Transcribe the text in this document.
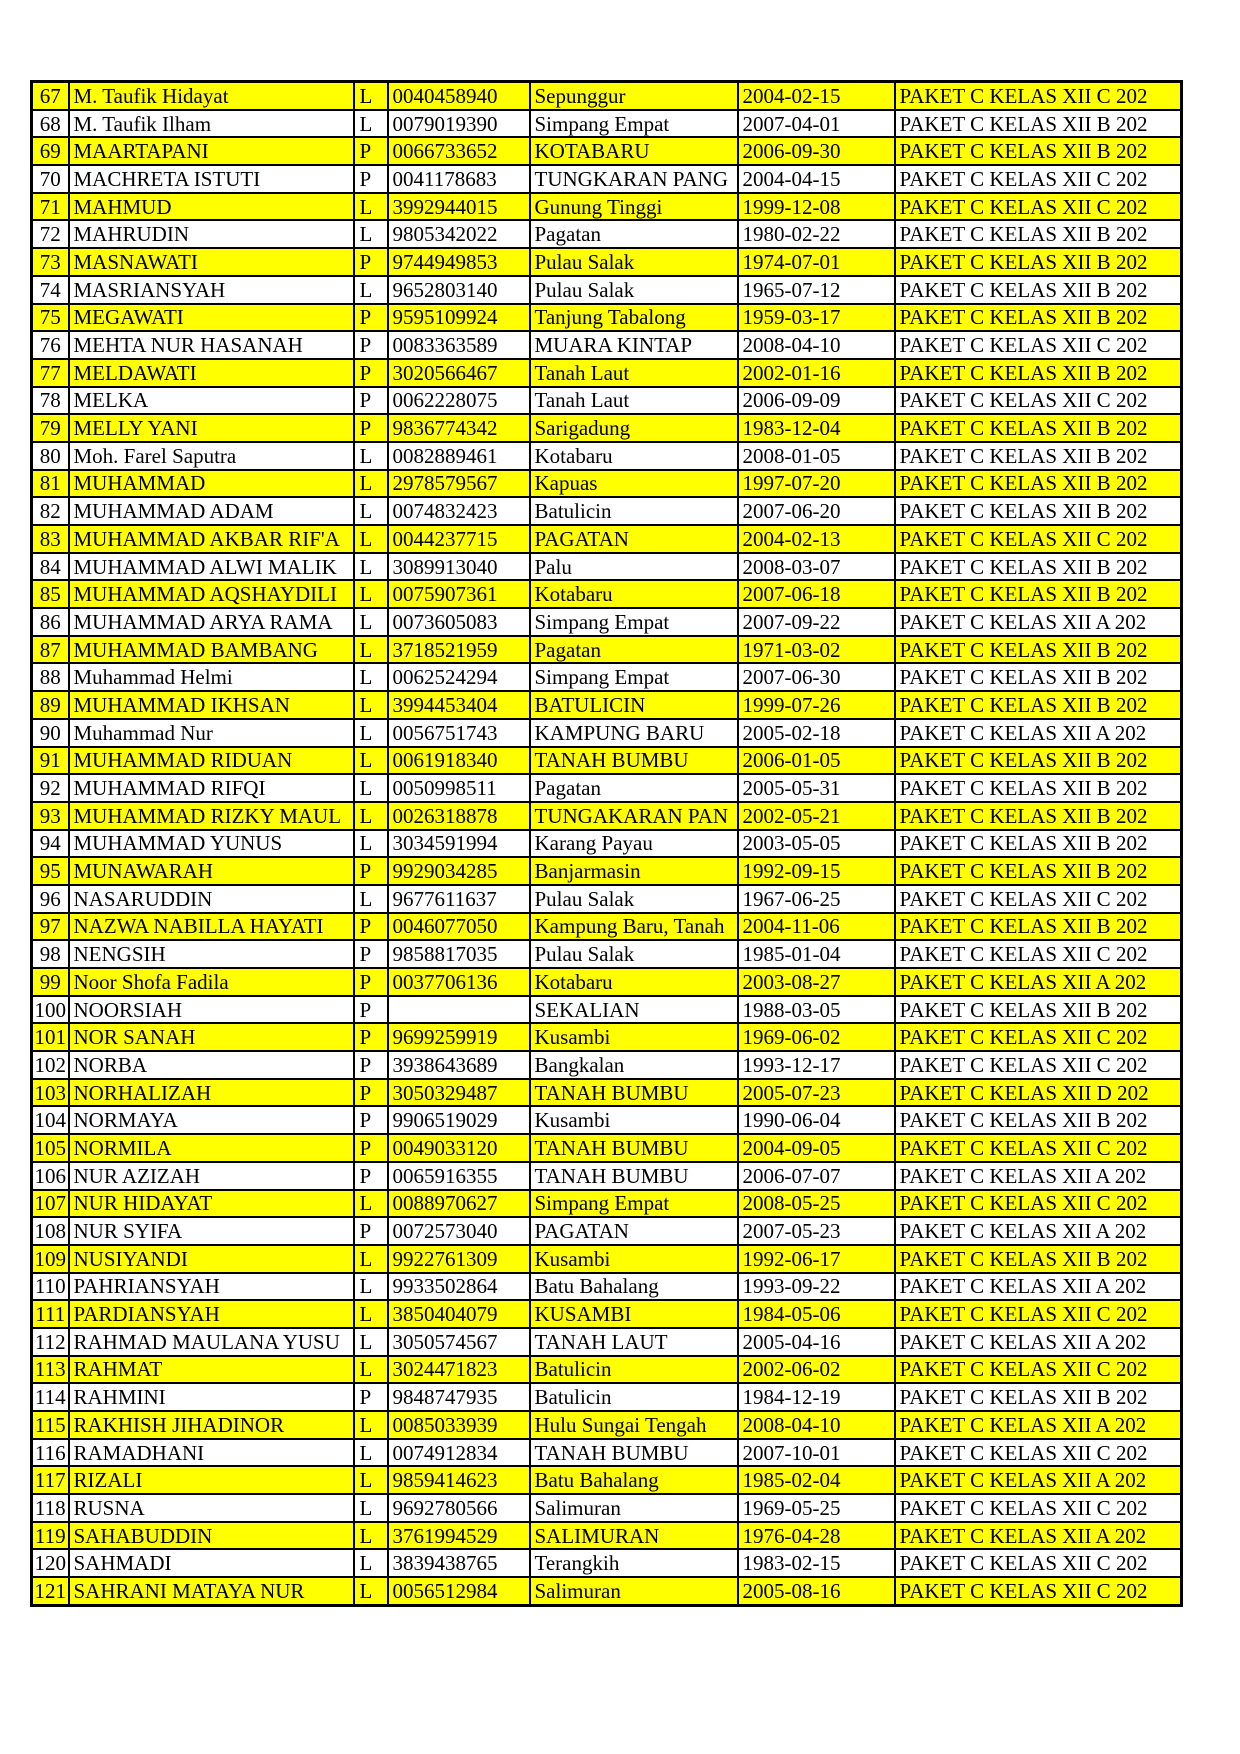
67	M. Taufik Hidayat	L	0040458940	Sepunggur	2004-02-15	PAKET C KELAS XII C 202
68	M. Taufik Ilham	L	0079019390	Simpang Empat	2007-04-01	PAKET C KELAS XII B 202
69	MAARTAPANI	P	0066733652	KOTABARU	2006-09-30	PAKET C KELAS XII B 202
70	MACHRETA ISTUTI	P	0041178683	TUNGKARAN PANG	2004-04-15	PAKET C KELAS XII C 202
71	MAHMUD	L	3992944015	Gunung Tinggi	1999-12-08	PAKET C KELAS XII C 202
72	MAHRUDIN	L	9805342022	Pagatan	1980-02-22	PAKET C KELAS XII B 202
73	MASNAWATI	P	9744949853	Pulau Salak	1974-07-01	PAKET C KELAS XII B 202
74	MASRIANSYAH	L	9652803140	Pulau Salak	1965-07-12	PAKET C KELAS XII B 202
75	MEGAWATI	P	9595109924	Tanjung Tabalong	1959-03-17	PAKET C KELAS XII B 202
76	MEHTA NUR HASANAH	P	0083363589	MUARA KINTAP	2008-04-10	PAKET C KELAS XII C 202
77	MELDAWATI	P	3020566467	Tanah Laut	2002-01-16	PAKET C KELAS XII B 202
78	MELKA	P	0062228075	Tanah Laut	2006-09-09	PAKET C KELAS XII C 202
79	MELLY YANI	P	9836774342	Sarigadung	1983-12-04	PAKET C KELAS XII B 202
80	Moh. Farel Saputra	L	0082889461	Kotabaru	2008-01-05	PAKET C KELAS XII B 202
81	MUHAMMAD	L	2978579567	Kapuas	1997-07-20	PAKET C KELAS XII B 202
82	MUHAMMAD ADAM	L	0074832423	Batulicin	2007-06-20	PAKET C KELAS XII B 202
83	MUHAMMAD AKBAR RIF'A	L	0044237715	PAGATAN	2004-02-13	PAKET C KELAS XII C 202
84	MUHAMMAD ALWI MALIK	L	3089913040	Palu	2008-03-07	PAKET C KELAS XII B 202
85	MUHAMMAD AQSHAYDILI	L	0075907361	Kotabaru	2007-06-18	PAKET C KELAS XII B 202
86	MUHAMMAD ARYA RAMA	L	0073605083	Simpang Empat	2007-09-22	PAKET C KELAS XII A 202
87	MUHAMMAD BAMBANG	L	3718521959	Pagatan	1971-03-02	PAKET C KELAS XII B 202
88	Muhammad Helmi	L	0062524294	Simpang Empat	2007-06-30	PAKET C KELAS XII B 202
89	MUHAMMAD IKHSAN	L	3994453404	BATULICIN	1999-07-26	PAKET C KELAS XII B 202
90	Muhammad Nur	L	0056751743	KAMPUNG BARU	2005-02-18	PAKET C KELAS XII A 202
91	MUHAMMAD RIDUAN	L	0061918340	TANAH BUMBU	2006-01-05	PAKET C KELAS XII B 202
92	MUHAMMAD RIFQI	L	0050998511	Pagatan	2005-05-31	PAKET C KELAS XII B 202
93	MUHAMMAD RIZKY MAUL	L	0026318878	TUNGAKARAN PAN	2002-05-21	PAKET C KELAS XII B 202
94	MUHAMMAD YUNUS	L	3034591994	Karang Payau	2003-05-05	PAKET C KELAS XII B 202
95	MUNAWARAH	P	9929034285	Banjarmasin	1992-09-15	PAKET C KELAS XII B 202
96	NASARUDDIN	L	9677611637	Pulau Salak	1967-06-25	PAKET C KELAS XII C 202
97	NAZWA NABILLA HAYATI	P	0046077050	Kampung Baru, Tanah	2004-11-06	PAKET C KELAS XII B 202
98	NENGSIH	P	9858817035	Pulau Salak	1985-01-04	PAKET C KELAS XII C 202
99	Noor Shofa Fadila	P	0037706136	Kotabaru	2003-08-27	PAKET C KELAS XII A 202
100	NOORSIAH	P		SEKALIAN	1988-03-05	PAKET C KELAS XII B 202
101	NOR SANAH	P	9699259919	Kusambi	1969-06-02	PAKET C KELAS XII C 202
102	NORBA	P	3938643689	Bangkalan	1993-12-17	PAKET C KELAS XII C 202
103	NORHALIZAH	P	3050329487	TANAH BUMBU	2005-07-23	PAKET C KELAS XII D 202
104	NORMAYA	P	9906519029	Kusambi	1990-06-04	PAKET C KELAS XII B 202
105	NORMILA	P	0049033120	TANAH BUMBU	2004-09-05	PAKET C KELAS XII C 202
106	NUR AZIZAH	P	0065916355	TANAH BUMBU	2006-07-07	PAKET C KELAS XII A 202
107	NUR HIDAYAT	L	0088970627	Simpang Empat	2008-05-25	PAKET C KELAS XII C 202
108	NUR SYIFA	P	0072573040	PAGATAN	2007-05-23	PAKET C KELAS XII A 202
109	NUSIYANDI	L	9922761309	Kusambi	1992-06-17	PAKET C KELAS XII B 202
110	PAHRIANSYAH	L	9933502864	Batu Bahalang	1993-09-22	PAKET C KELAS XII A 202
111	PARDIANSYAH	L	3850404079	KUSAMBI	1984-05-06	PAKET C KELAS XII C 202
112	RAHMAD MAULANA YUSU	L	3050574567	TANAH LAUT	2005-04-16	PAKET C KELAS XII A 202
113	RAHMAT	L	3024471823	Batulicin	2002-06-02	PAKET C KELAS XII C 202
114	RAHMINI	P	9848747935	Batulicin	1984-12-19	PAKET C KELAS XII B 202
115	RAKHISH JIHADINOR	L	0085033939	Hulu Sungai Tengah	2008-04-10	PAKET C KELAS XII A 202
116	RAMADHANI	L	0074912834	TANAH BUMBU	2007-10-01	PAKET C KELAS XII C 202
117	RIZALI	L	9859414623	Batu Bahalang	1985-02-04	PAKET C KELAS XII A 202
118	RUSNA	L	9692780566	Salimuran	1969-05-25	PAKET C KELAS XII C 202
119	SAHABUDDIN	L	3761994529	SALIMURAN	1976-04-28	PAKET C KELAS XII A 202
120	SAHMADI	L	3839438765	Terangkih	1983-02-15	PAKET C KELAS XII C 202
121	SAHRANI MATAYA NUR	L	0056512984	Salimuran	2005-08-16	PAKET C KELAS XII C 202
